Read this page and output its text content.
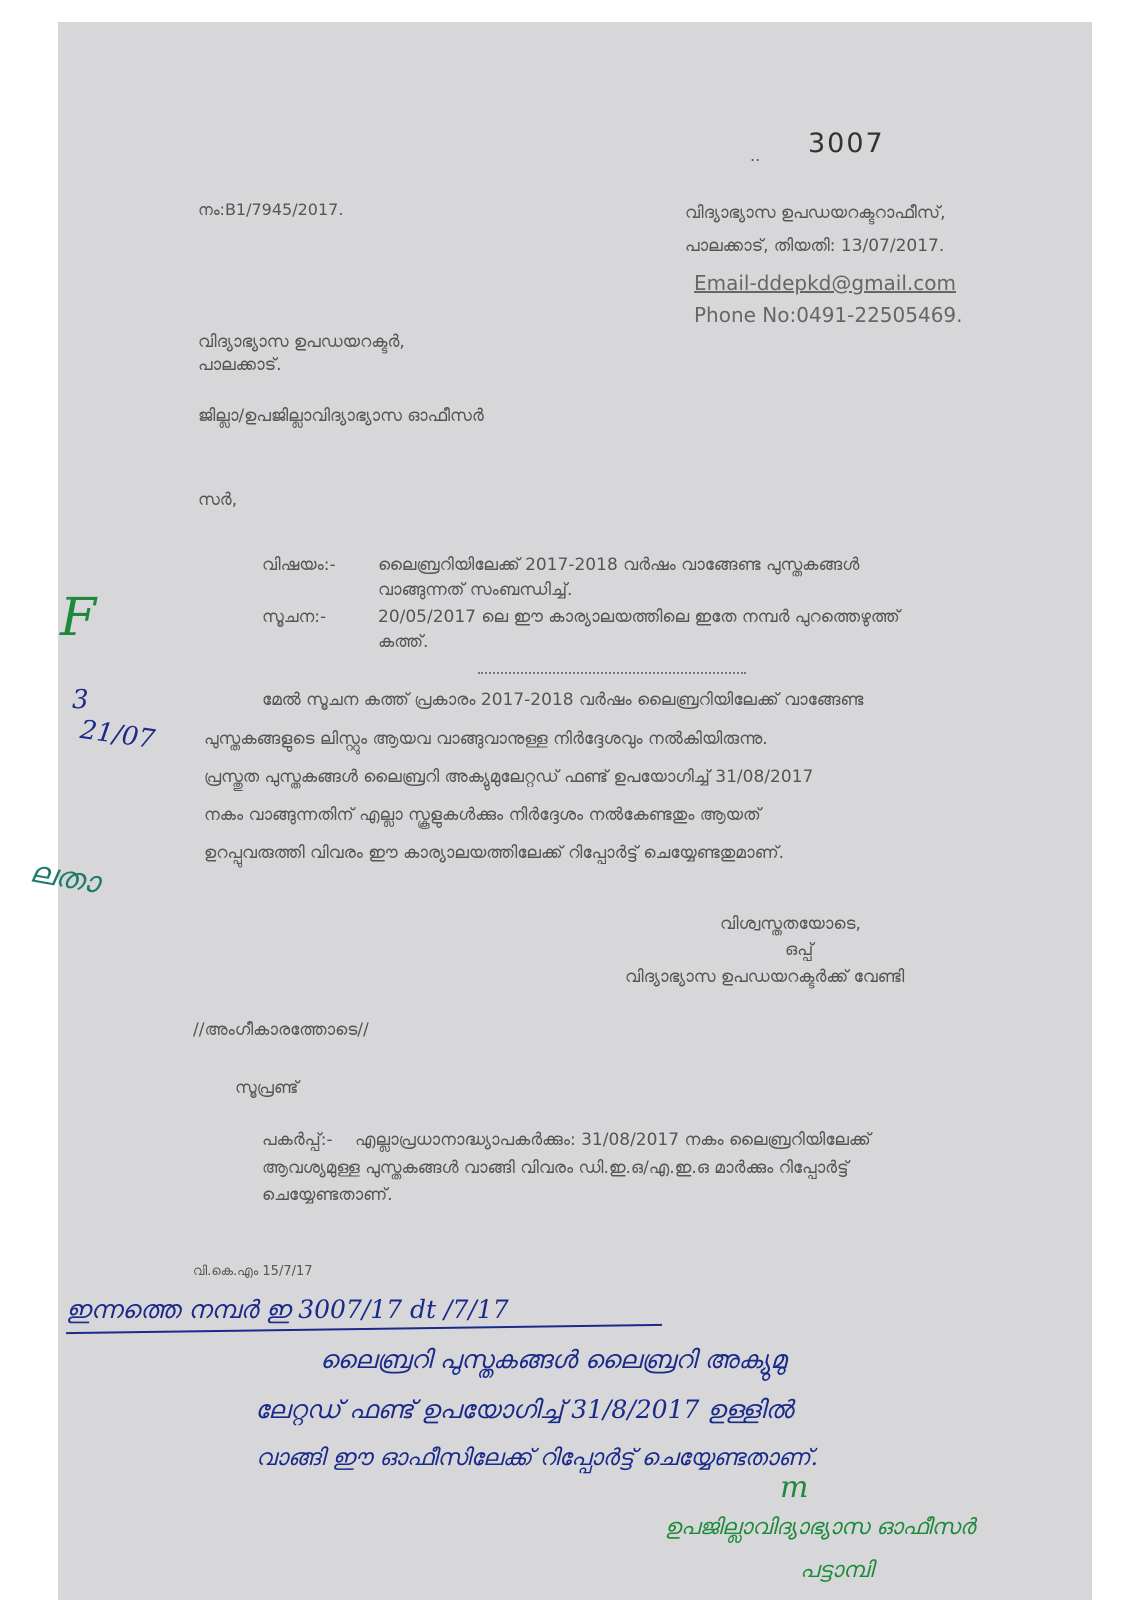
.. 3007
നം:B1/7945/2017.	വിദ്യാഭ്യാസ ഉപഡയറക്ടറാഫീസ്,
പാലക്കാട്, തിയതി: 13/07/2017.
Email-ddepkd@gmail.com
Phone No:0491-22505469.
വിദ്യാഭ്യാസ ഉപഡയറക്ടർ,
പാലക്കാട്.
ജില്ലാ/ഉപജില്ലാവിദ്യാഭ്യാസ ഓഫീസർ
സർ,
വിഷയം:- ലൈബ്രറിയിലേക്ക് 2017-2018 വർഷം വാങ്ങേണ്ട പുസ്തകങ്ങൾ
വാങ്ങുന്നത് സംബന്ധിച്ച്.
സൂചന:-	20/05/2017 ലെ ഈ കാര്യാലയത്തിലെ ഇതേ നമ്പർ പുറത്തെഴുത്ത്
കത്ത്.
മേൽ സൂചന കത്ത് പ്രകാരം 2017-2018 വർഷം ലൈബ്രറിയിലേക്ക് വാങ്ങേണ്ട
പുസ്തകങ്ങളുടെ ലിസ്റ്റും ആയവ വാങ്ങുവാനുള്ള നിർദ്ദേശവും നൽകിയിരുന്നു.
പ്രസ്തുത പുസ്തകങ്ങൾ ലൈബ്രറി അക്യുമുലേറ്റഡ് ഫണ്ട് ഉപയോഗിച്ച് 31/08/2017
നകം വാങ്ങുന്നതിന് എല്ലാ സ്കൂളുകൾക്കും നിർദ്ദേശം നൽകേണ്ടതും ആയത്
ഉറപ്പുവരുത്തി വിവരം ഈ കാര്യാലയത്തിലേക്ക് റിപ്പോർട്ട് ചെയ്യേണ്ടതുമാണ്.
വിശ്വസ്തതയോടെ,
ഒപ്പ്
വിദ്യാഭ്യാസ ഉപഡയറക്ടർക്ക് വേണ്ടി
//അംഗീകാരത്തോടെ//
സൂപ്രണ്ട്
പകർപ്പ്:- എല്ലാപ്രധാനാദ്ധ്യാപകർക്കും: 31/08/2017 നകം ലൈബ്രറിയിലേക്ക്
ആവശ്യമുള്ള പുസ്തകങ്ങൾ വാങ്ങി വിവരം ഡി.ഇ.ഒ/എ.ഇ.ഒ മാർക്കും റിപ്പോർട്ട്
ചെയ്യേണ്ടതാണ്.
വി.കെ.എം 15/7/17
F
3
21/07
ലതാ
ഇന്നത്തെ നമ്പർ ഇ 3007/17 dt /7/17
ലൈബ്രറി പുസ്തകങ്ങൾ ലൈബ്രറി അക്യുമു
ലേറ്റഡ് ഫണ്ട് ഉപയോഗിച്ച് 31/8/2017 ഉള്ളിൽ
വാങ്ങി ഈ ഓഫീസിലേക്ക് റിപ്പോർട്ട് ചെയ്യേണ്ടതാണ്.
m
ഉപജില്ലാവിദ്യാഭ്യാസ ഓഫീസർ
പട്ടാമ്പി
